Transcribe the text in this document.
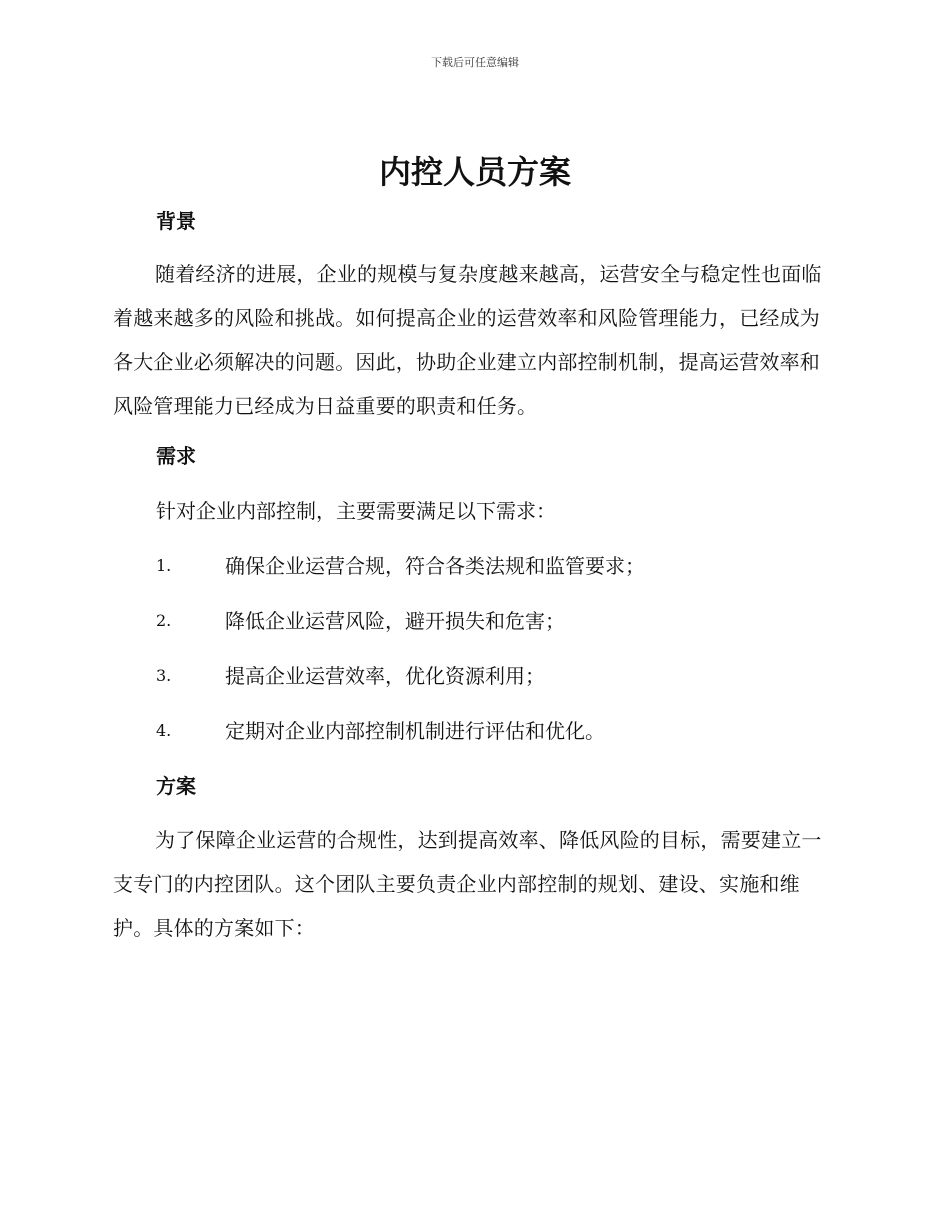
下载后可任意编辑
内控人员方案
背景

随着经济的进展，企业的规模与复杂度越来越高，运营安全与稳定性也面临着越来越多的风险和挑战。如何提高企业的运营效率和风险管理能力，已经成为各大企业必须解决的问题。因此，协助企业建立内部控制机制，提高运营效率和风险管理能力已经成为日益重要的职责和任务。

需求

针对企业内部控制，主要需要满足以下需求：

1.	确保企业运营合规，符合各类法规和监管要求；
2.	降低企业运营风险，避开损失和危害；
3.	提高企业运营效率，优化资源利用；
4.	定期对企业内部控制机制进行评估和优化。
方案

为了保障企业运营的合规性，达到提高效率、降低风险的目标，需要建立一支专门的内控团队。这个团队主要负责企业内部控制的规划、建设、实施和维护。具体的方案如下：
